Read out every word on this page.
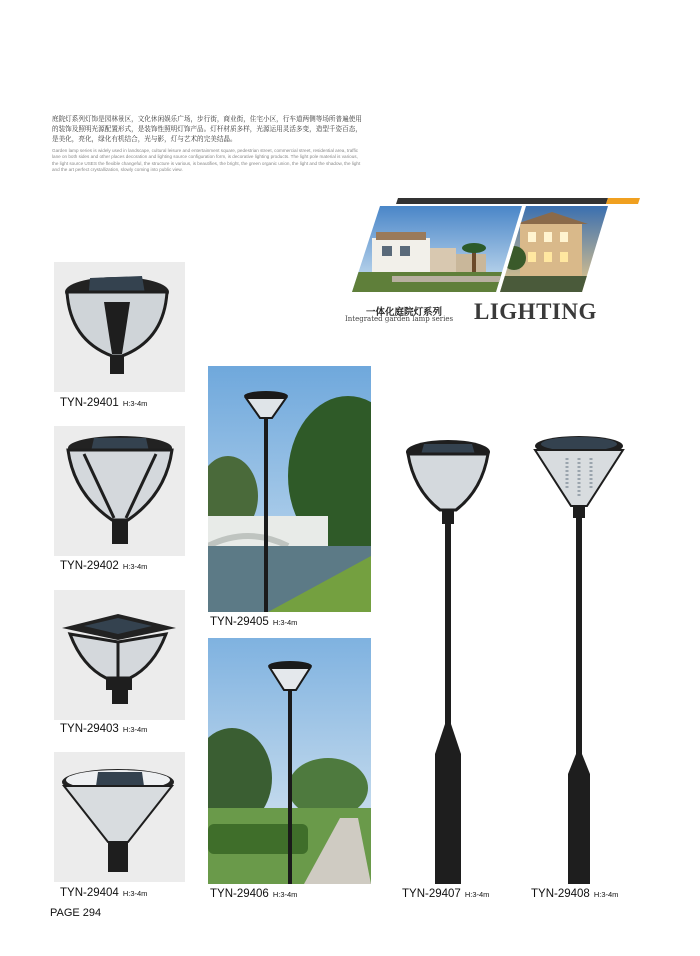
庭院灯系列灯饰是园林景区，文化休闲娱乐广场，步行街，商业街，住宅小区，行车道两侧等场所普遍使用的装饰及照明光源配置形式，是装饰性照明灯饰产品。灯杆材质多样，光源运用灵活多变，造型千姿百态，是美化，亮化，绿化有机结合，光与影，灯与艺术的完美结晶。

Garden lamp series is widely used in landscape, cultural leisure and entertainment square, pedestrian street, commercial street, residential area, traffic lane on both sides and other places decoration and lighting source configuration form, is decorative lighting products. The light pole material is various, the light source USES the flexible changeful, the structure is various, is beautifies, the bright, the green organic union, the light and the shadow, the light and the art perfect crystallization, slowly coming into public view.

一体化庭院灯系列
Integrated garden lamp series LIGHTING
TYN-29401 H:3-4m
TYN-29402 H:3-4m
TYN-29403 H:3-4m
TYN-29404 H:3-4m
TYN-29405 H:3-4m
TYN-29406 H:3-4m	TYN-29407 H:3-4m	TYN-29408 H:3-4m
PAGE 294
